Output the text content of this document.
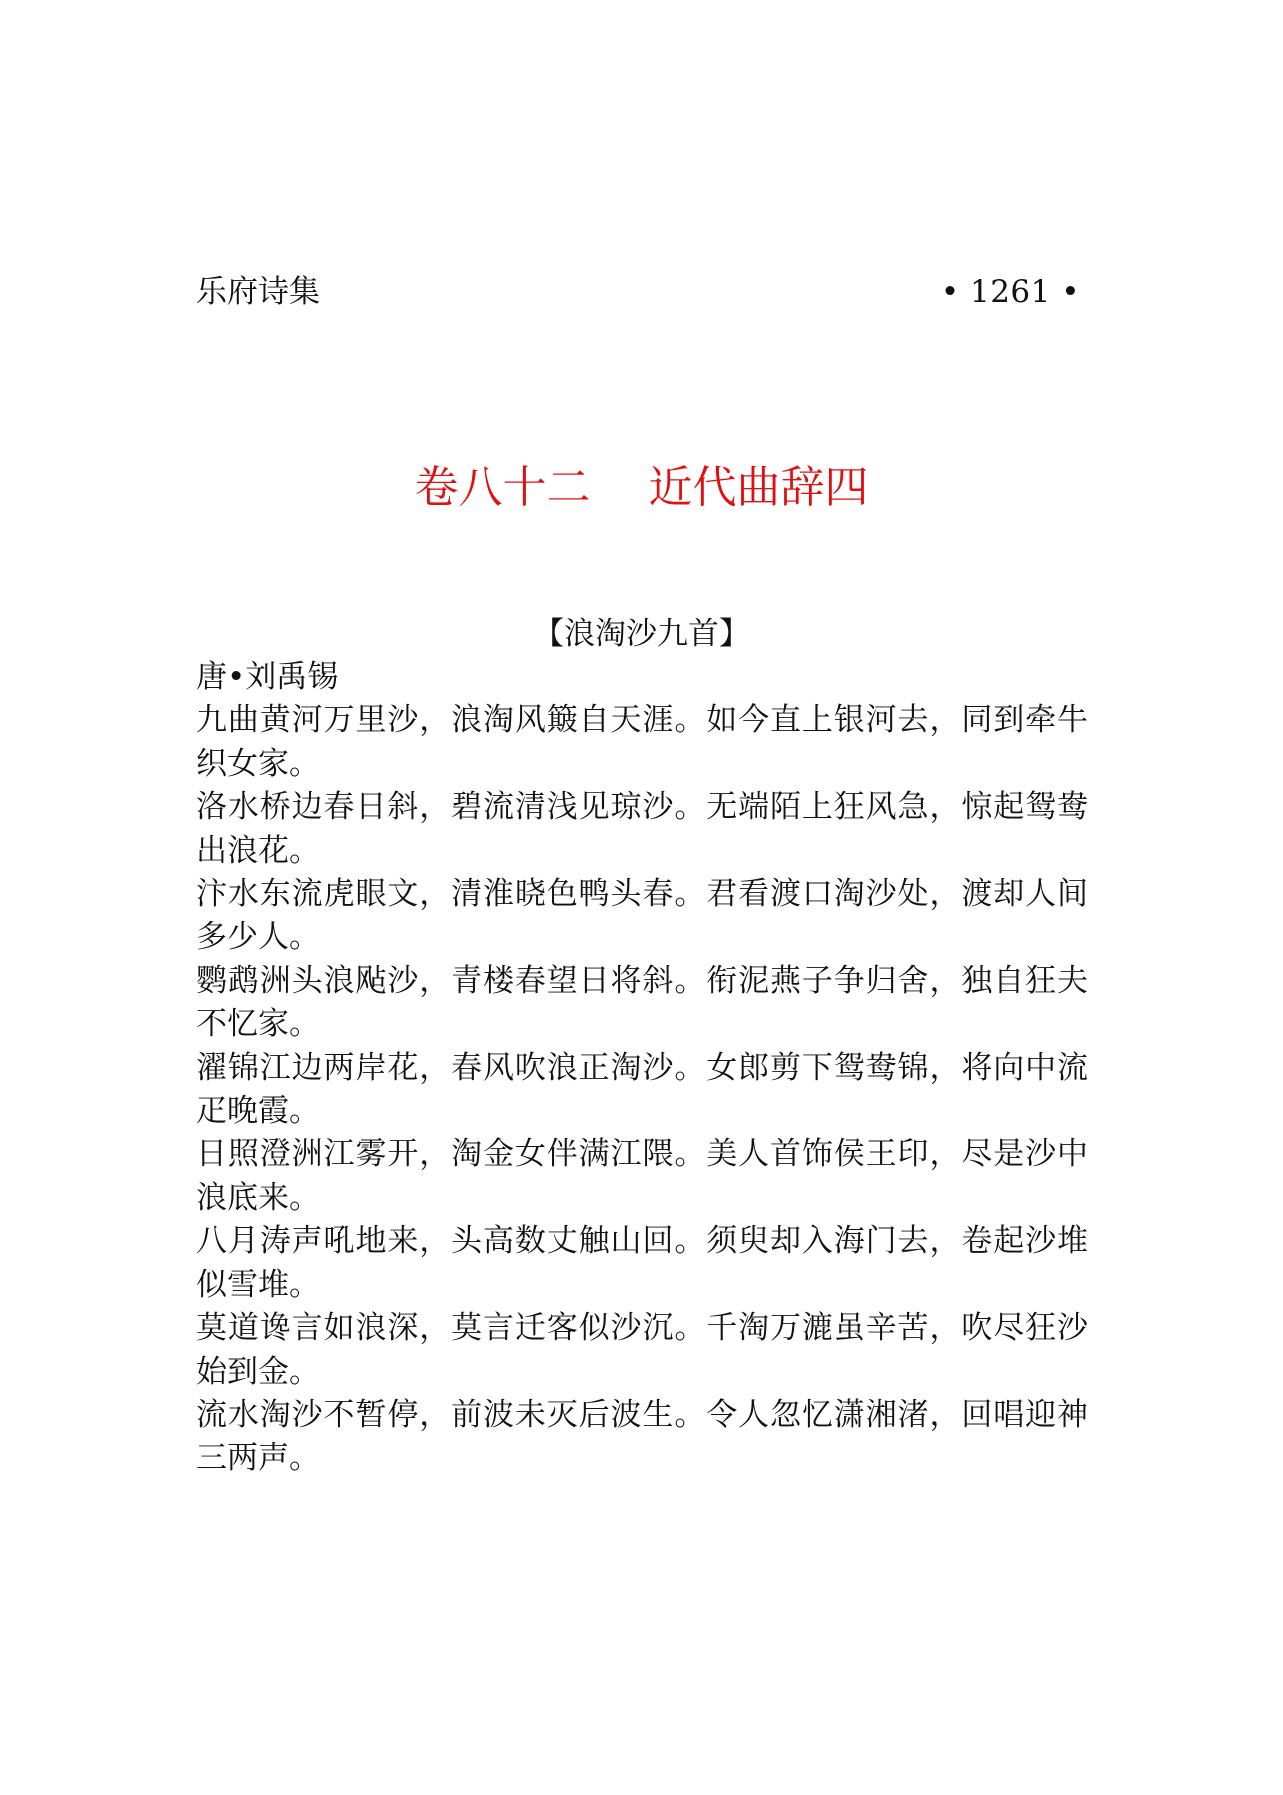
乐府诗集	• 1261 •
卷八十二　 近代曲辞四
【浪淘沙九首】
唐•刘禹锡

九曲黄河万里沙，浪淘风簸自天涯。如今直上银河去，同到牵牛织女家。

洛水桥边春日斜，碧流清浅见琼沙。无端陌上狂风急，惊起鸳鸯出浪花。

汴水东流虎眼文，清淮晓色鸭头春。君看渡口淘沙处，渡却人间多少人。

鹦鹉洲头浪飐沙，青楼春望日将斜。衔泥燕子争归舍，独自狂夫不忆家。

濯锦江边两岸花，春风吹浪正淘沙。女郎剪下鸳鸯锦，将向中流疋晚霞。

日照澄洲江雾开，淘金女伴满江隈。美人首饰侯王印，尽是沙中浪底来。

八月涛声吼地来，头高数丈触山回。须臾却入海门去，卷起沙堆似雪堆。

莫道谗言如浪深，莫言迁客似沙沉。千淘万漉虽辛苦，吹尽狂沙始到金。

流水淘沙不暂停，前波未灭后波生。令人忽忆潇湘渚，回唱迎神三两声。
